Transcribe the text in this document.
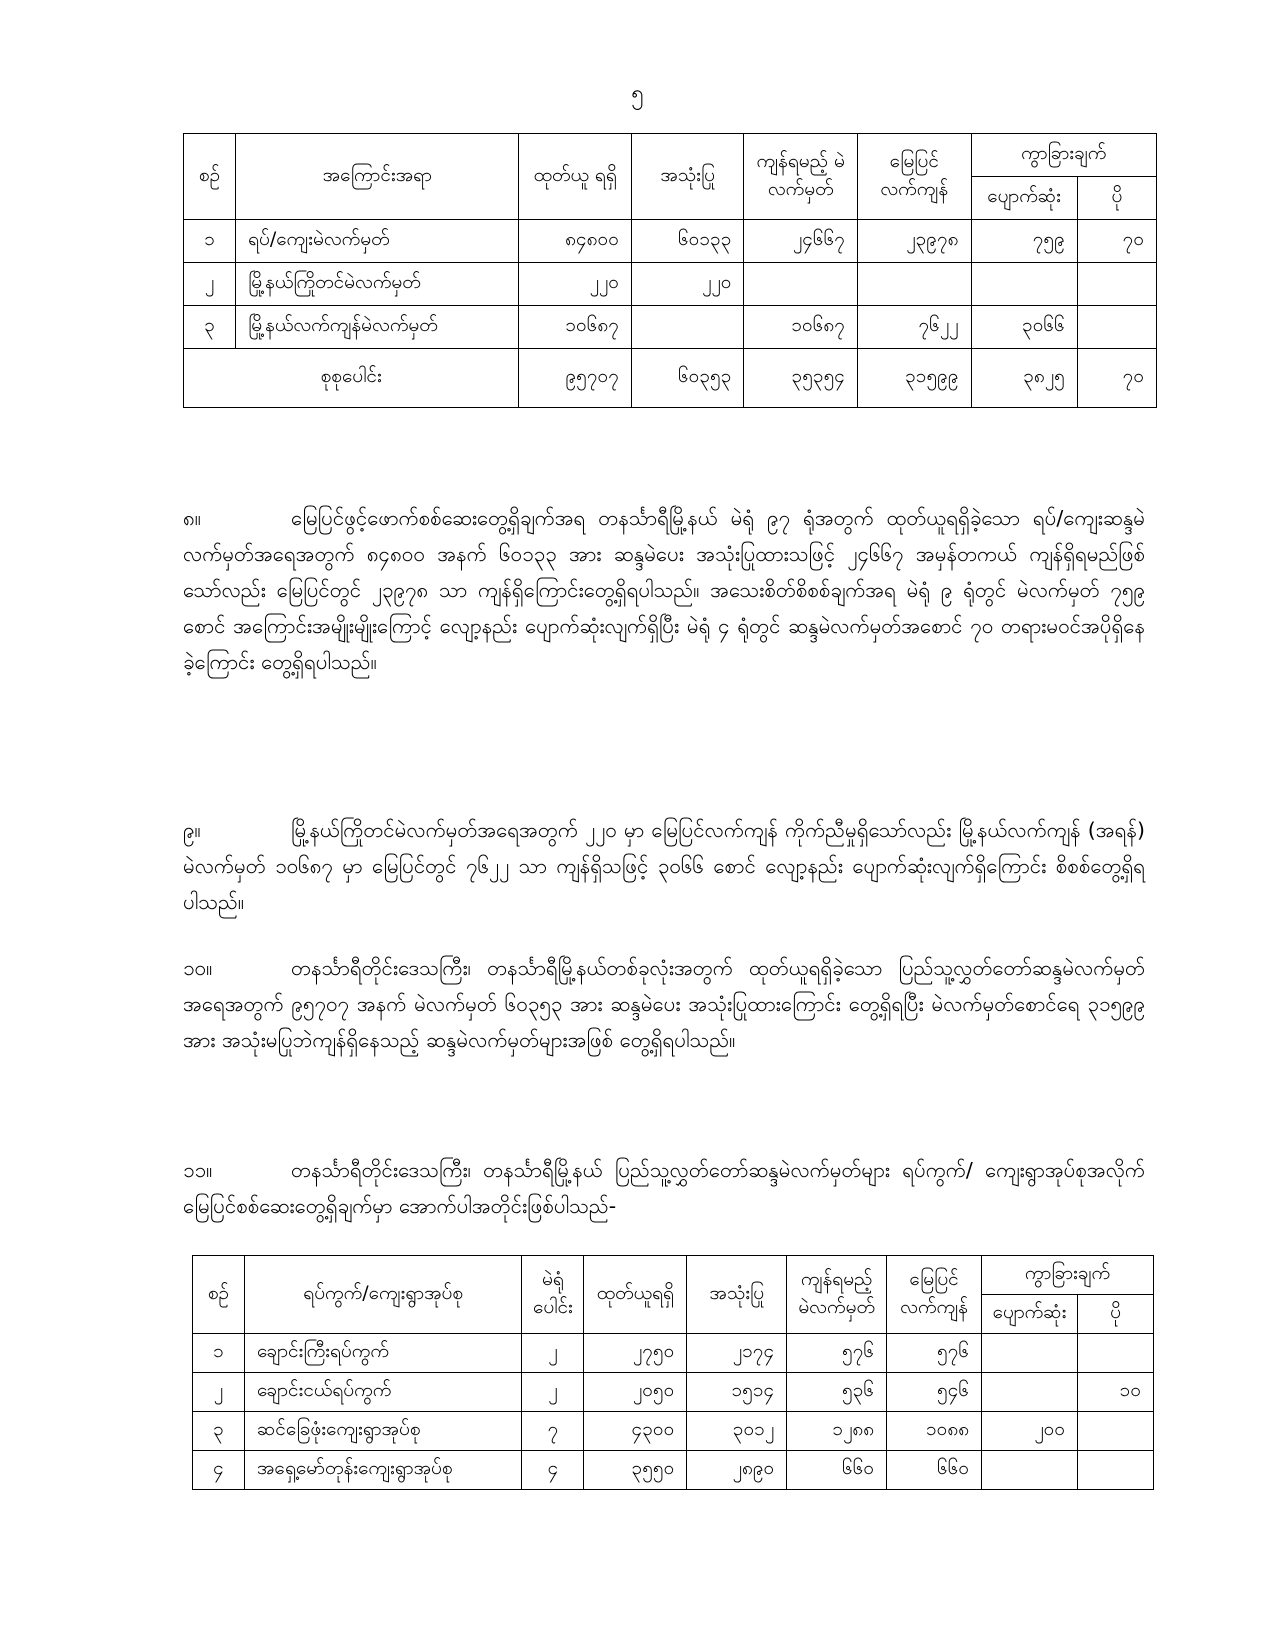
၅
စဉ်	အကြောင်းအရာ	ထုတ်ယူ ရရှိ	အသုံးပြု	ကျန်ရမည့် မဲလက်မှတ်	မြေပြင် လက်ကျန်	ကွာခြားချက်	
						ပျောက်ဆုံး	ပို
၁	ရပ်/ကျေးမဲလက်မှတ်	၈၄၈၀၀	၆၀၁၃၃	၂၄၆၆၇	၂၃၉၇၈	၇၅၉	၇၀
၂	မြို့နယ်ကြိုတင်မဲလက်မှတ်	၂၂၀	၂၂၀				
၃	မြို့နယ်လက်ကျန်မဲလက်မှတ်	၁၀၆၈၇		၁၀၆၈၇	၇၆၂၂	၃၀၆၆	
စုစုပေါင်း		၉၅၇၀၇	၆၀၃၅၃	၃၅၃၅၄	၃၁၅၉၉	၃၈၂၅	၇၀

၈။	မြေပြင်ဖွင့်ဖောက်စစ်ဆေးတွေ့ရှိချက်အရ တနင်္သာရီမြို့နယ် မဲရုံ ၉၇ ရုံအတွက် ထုတ်ယူရရှိခဲ့သော ရပ်/ကျေးဆန္ဒမဲလက်မှတ်အရေအတွက် ၈၄၈၀၀ အနက် ၆၀၁၃၃ အား ဆန္ဒမဲပေး အသုံးပြုထားသဖြင့် ၂၄၆၆၇ အမှန်တကယ် ကျန်ရှိရမည်ဖြစ်သော်လည်း မြေပြင်တွင် ၂၃၉၇၈ သာ ကျန်ရှိကြောင်းတွေ့ရှိရပါသည်။ အသေးစိတ်စိစစ်ချက်အရ မဲရုံ ၉ ရုံတွင် မဲလက်မှတ် ၇၅၉ စောင် အကြောင်းအမျိုးမျိုးကြောင့် လျော့နည်း ပျောက်ဆုံးလျက်ရှိပြီး မဲရုံ ၄ ရုံတွင် ဆန္ဒမဲလက်မှတ်အစောင် ၇၀ တရားမဝင်အပိုရှိနေခဲ့ကြောင်း တွေ့ရှိရပါသည်။

၉။	မြို့နယ်ကြိုတင်မဲလက်မှတ်အရေအတွက် ၂၂၀ မှာ မြေပြင်လက်ကျန် ကိုက်ညီမှုရှိသော်လည်း မြို့နယ်လက်ကျန် (အရန်) မဲလက်မှတ် ၁၀၆၈၇ မှာ မြေပြင်တွင် ၇၆၂၂ သာ ကျန်ရှိသဖြင့် ၃၀၆၆ စောင် လျော့နည်း ပျောက်ဆုံးလျက်ရှိကြောင်း စိစစ်တွေ့ရှိရပါသည်။

၁၀။	တနင်္သာရီတိုင်းဒေသကြီး၊ တနင်္သာရီမြို့နယ်တစ်ခုလုံးအတွက် ထုတ်ယူရရှိခဲ့သော ပြည်သူ့လွှတ်တော်ဆန္ဒမဲလက်မှတ်အရေအတွက် ၉၅၇၀၇ အနက် မဲလက်မှတ် ၆၀၃၅၃ အား ဆန္ဒမဲပေး အသုံးပြုထားကြောင်း တွေ့ရှိရပြီး မဲလက်မှတ်စောင်ရေ ၃၁၅၉၉ အား အသုံးမပြုဘဲကျန်ရှိနေသည့် ဆန္ဒမဲလက်မှတ်များအဖြစ် တွေ့ရှိရပါသည်။

၁၁။	တနင်္သာရီတိုင်းဒေသကြီး၊ တနင်္သာရီမြို့နယ် ပြည်သူ့လွှတ်တော်ဆန္ဒမဲလက်မှတ်များ ရပ်ကွက်/ ကျေးရွာအုပ်စုအလိုက် မြေပြင်စစ်ဆေးတွေ့ရှိချက်မှာ အောက်ပါအတိုင်းဖြစ်ပါသည်-

စဉ်	ရပ်ကွက်/ကျေးရွာအုပ်စု	မဲရုံ ပေါင်း	ထုတ်ယူရရှိ	အသုံးပြု	ကျန်ရမည့် မဲလက်မှတ်	မြေပြင် လက်ကျန်	ကွာခြားချက်	
							ပျောက်ဆုံး	ပို
၁	ချောင်းကြီးရပ်ကွက်	၂	၂၇၅၀	၂၁၇၄	၅၇၆	၅၇၆		
၂	ချောင်းငယ်ရပ်ကွက်	၂	၂၀၅၀	၁၅၁၄	၅၃၆	၅၄၆		၁၀
၃	ဆင်ခြေဖုံးကျေးရွာအုပ်စု	၇	၄၃၀၀	၃၀၁၂	၁၂၈၈	၁၀၈၈	၂၀၀	
၄	အရှေ့မော်တုန်းကျေးရွာအုပ်စု	၄	၃၅၅၀	၂၈၉၀	၆၆၀	၆၆၀		
